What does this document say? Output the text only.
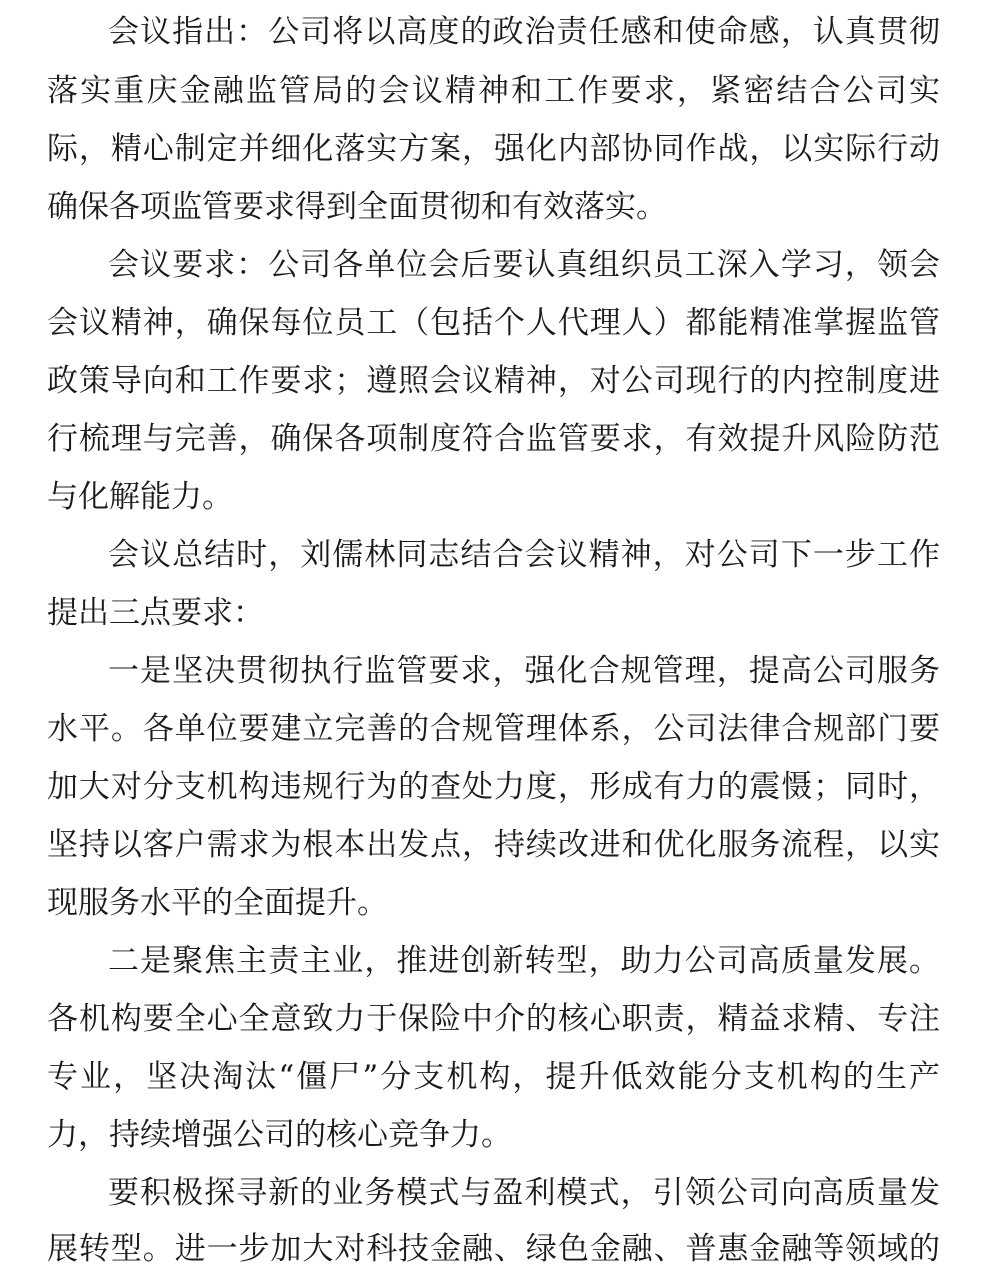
会议指出：公司将以高度的政治责任感和使命感，认真贯彻
落实重庆金融监管局的会议精神和工作要求，紧密结合公司实
际，精心制定并细化落实方案，强化内部协同作战，以实际行动
确保各项监管要求得到全面贯彻和有效落实。
会议要求：公司各单位会后要认真组织员工深入学习，领会
会议精神，确保每位员工（包括个人代理人）都能精准掌握监管
政策导向和工作要求；遵照会议精神，对公司现行的内控制度进
行梳理与完善，确保各项制度符合监管要求，有效提升风险防范
与化解能力。
会议总结时，刘儒林同志结合会议精神，对公司下一步工作
提出三点要求：
一是坚决贯彻执行监管要求，强化合规管理，提高公司服务
水平。各单位要建立完善的合规管理体系，公司法律合规部门要
加大对分支机构违规行为的查处力度，形成有力的震慑；同时，
坚持以客户需求为根本出发点，持续改进和优化服务流程，以实
现服务水平的全面提升。
二是聚焦主责主业，推进创新转型，助力公司高质量发展。
各机构要全心全意致力于保险中介的核心职责，精益求精、专注
专业，坚决淘汰“僵尸”分支机构，提升低效能分支机构的生产
力，持续增强公司的核心竞争力。
要积极探寻新的业务模式与盈利模式，引领公司向高质量发
展转型。进一步加大对科技金融、绿色金融、普惠金融等领域的
